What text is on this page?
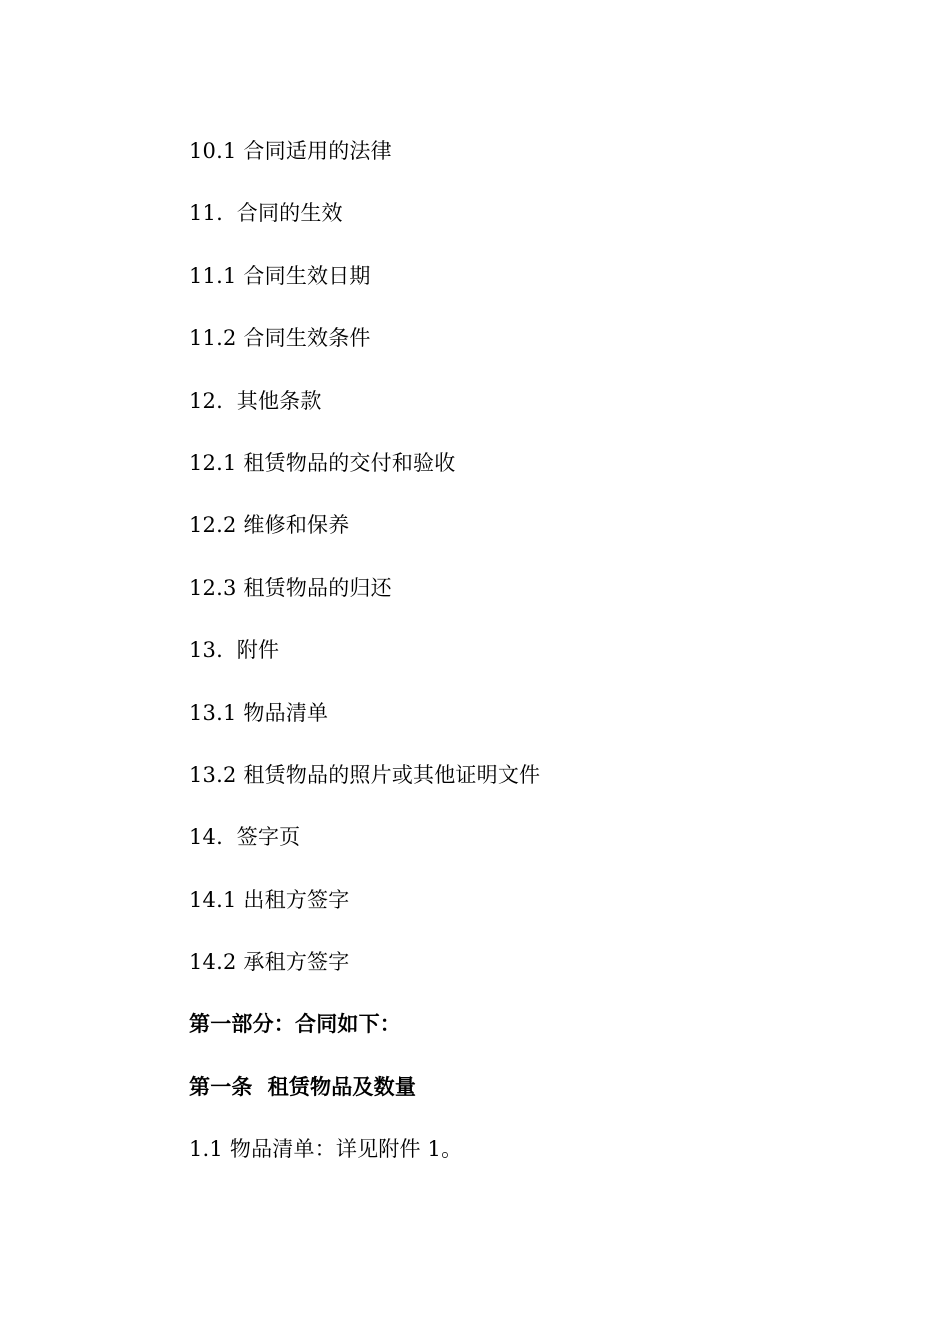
10.1 合同适用的法律
11.  合同的生效
11.1 合同生效日期
11.2 合同生效条件
12.  其他条款
12.1 租赁物品的交付和验收
12.2 维修和保养
12.3 租赁物品的归还
13.  附件
13.1 物品清单
13.2 租赁物品的照片或其他证明文件
14.  签字页
14.1 出租方签字
14.2 承租方签字
第一部分：合同如下：
第一条  租赁物品及数量
1.1 物品清单：详见附件 1。
